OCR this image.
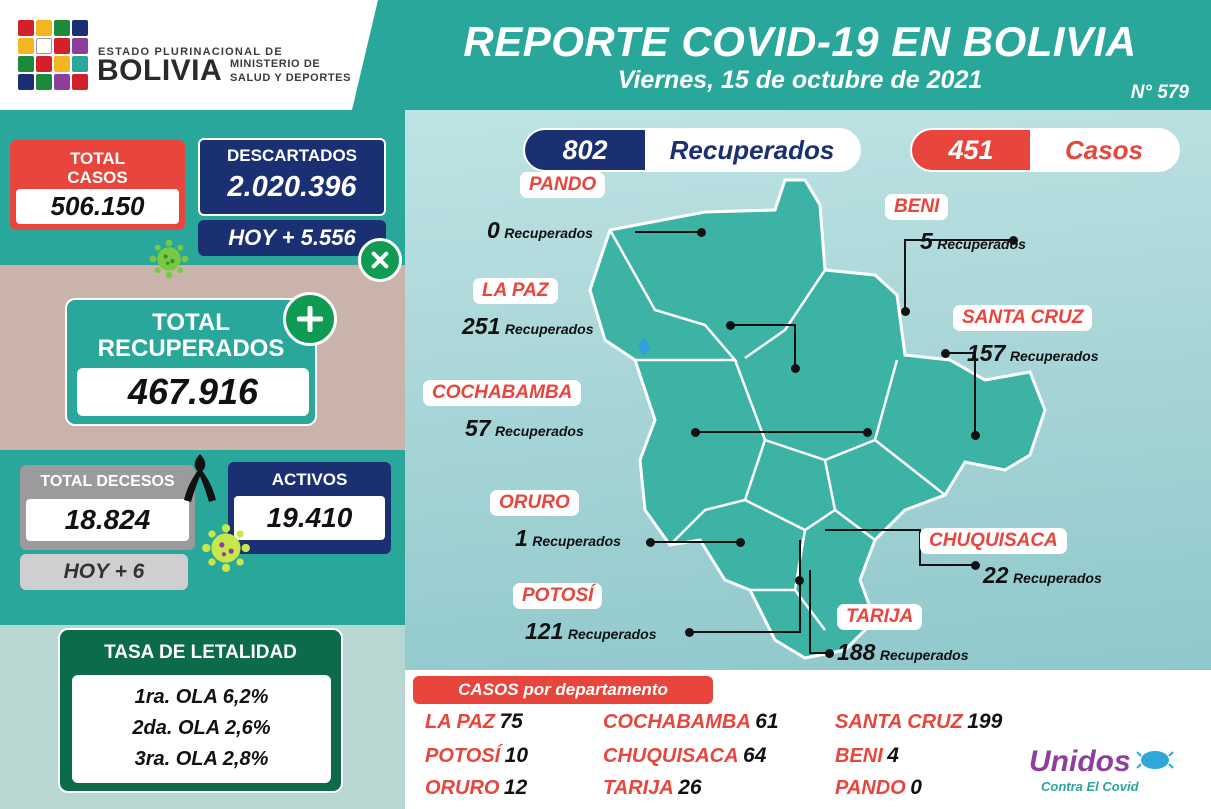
ESTADO PLURINACIONAL DE
BOLIVIA MINISTERIO DE
SALUD Y DEPORTES
REPORTE COVID-19 EN BOLIVIA
Viernes, 15 de octubre de 2021	N° 579
TOTAL
CASOS
506.150
DESCARTADOS
2.020.396
HOY + 5.556
TOTAL
RECUPERADOS
467.916
TOTAL DECESOS
18.824
HOY + 6
ACTIVOS
19.410
TASA DE LETALIDAD
1ra. OLA 6,2%
2da. OLA 2,6%
3ra. OLA 2,8%
802	Recuperados	451	Casos
PANDO
0 Recuperados
BENI
5 Recuperados
LA PAZ
251 Recuperados
SANTA CRUZ
157 Recuperados
COCHABAMBA
57 Recuperados
ORURO
1 Recuperados	CHUQUISACA
22 Recuperados
POTOSÍ
121 Recuperados
TARIJA
188 Recuperados
CASOS por departamento
LA PAZ 75	COCHABAMBA 61	SANTA CRUZ 199
POTOSÍ 10	CHUQUISACA 64	BENI 4
ORURO 12	TARIJA 26	PANDO 0
Unidos
Contra El Covid
